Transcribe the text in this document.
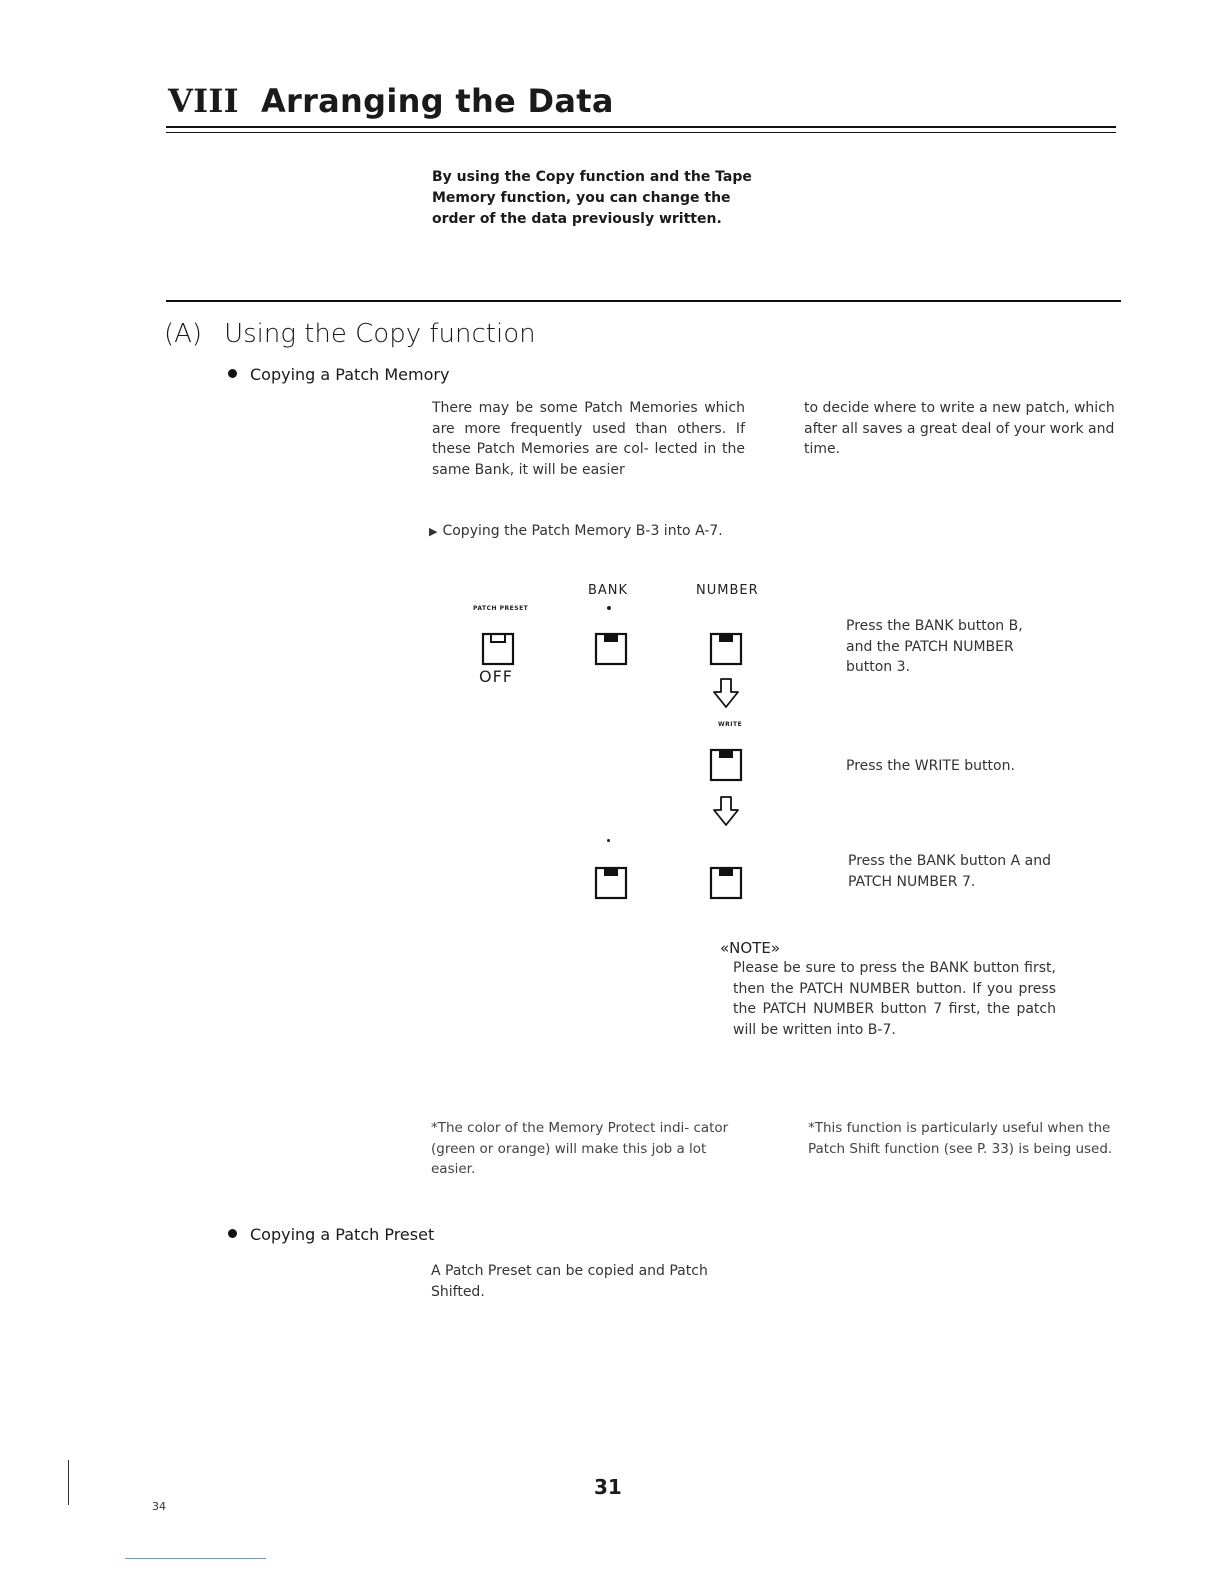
VIII Arranging the Data
By using the Copy function and the Tape Memory function, you can change the order of the data previously written.
(A) Using the Copy function
Copying a Patch Memory
There may be some Patch Memories which are more frequently used than others. If these Patch Memories are col- lected in the same Bank, it will be easier
to decide where to write a new patch, which after all saves a great deal of your work and time.
▶ Copying the Patch Memory B-3 into A-7.
BANK	NUMBER
PATCH PRESET
OFF
Press the BANK button B, and the PATCH NUMBER button 3.
WRITE
Press the WRITE button.
Press the BANK button A and PATCH NUMBER 7.
«NOTE»
Please be sure to press the BANK button first, then the PATCH NUMBER button. If you press the PATCH NUMBER button 7 first, the patch will be written into B-7.
*The color of the Memory Protect indi- cator (green or orange) will make this job a lot easier.
*This function is particularly useful when the Patch Shift function (see P. 33) is being used.
Copying a Patch Preset
A Patch Preset can be copied and Patch Shifted.
31
34
